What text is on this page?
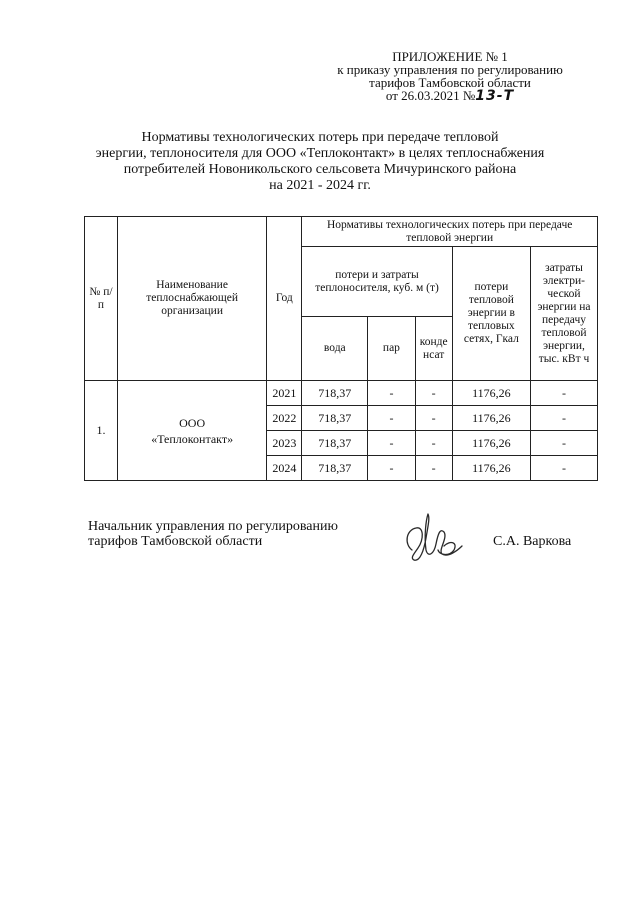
ПРИЛОЖЕНИЕ № 1
к приказу управления по регулированию
тарифов Тамбовской области
от 26.03.2021 №13-Т
Нормативы технологических потерь при передаче тепловой
энергии, теплоносителя для ООО «Теплоконтакт» в целях теплоснабжения
потребителей Новоникольского сельсовета Мичуринского района
на 2021 - 2024 гг.
№ п/п	Наименование теплоснабжающей организации	Год	Нормативы технологических потерь при передаче тепловой энергии				
			потери и затраты теплоносителя, куб. м (т)			потери тепловой энергии в тепловых сетях, Гкал	затраты электри-ческой энергии на передачу тепловой энергии, тыс. кВт ч
			вода	пар	конде
нсат		
1.	ООО
«Теплоконтакт»	2021	718,37	-	-	1176,26	-
		2022	718,37	-	-	1176,26	-
		2023	718,37	-	-	1176,26	-
		2024	718,37	-	-	1176,26	-
Начальник управления по регулированию
тарифов Тамбовской области	С.А. Варкова
